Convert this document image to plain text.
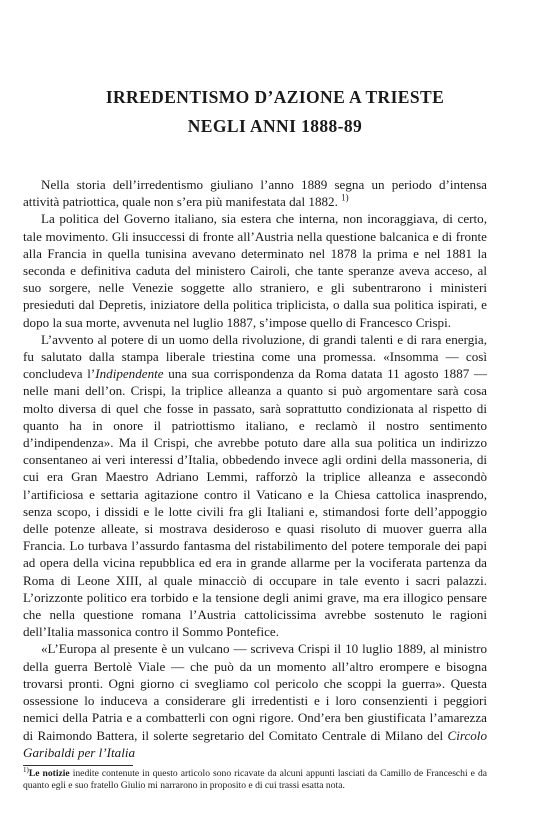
IRREDENTISMO D’AZIONE A TRIESTE
NEGLI ANNI 1888-89

Nella storia dell’irredentismo giuliano l’anno 1889 segna un periodo d’intensa attività patriottica, quale non s’era più manifestata dal 1882. $^{1)}$

La politica del Governo italiano, sia estera che interna, non incoraggiava, di certo, tale movimento. Gli insuccessi di fronte all’Austria nella questione balcanica e di fronte alla Francia in quella tunisina avevano determinato nel 1878 la prima e nel 1881 la seconda e definitiva caduta del ministero Cairoli, che tante speranze aveva acceso, al suo sorgere, nelle Venezie soggette allo straniero, e gli subentrarono i ministeri presieduti dal Depretis, iniziatore della politica triplicista, o dalla sua politica ispirati, e dopo la sua morte, avvenuta nel luglio 1887, s’impose quello di Francesco Crispi.

L’avvento al potere di un uomo della rivoluzione, di grandi talenti e di rara energia, fu salutato dalla stampa liberale triestina come una promessa. «Insomma — così concludeva l’Indipendente una sua corrispondenza da Roma datata 11 agosto 1887 — nelle mani dell’on. Crispi, la triplice alleanza a quanto si può argomentare sarà cosa molto diversa di quel che fosse in passato, sarà soprattutto condizionata al rispetto di quanto ha in onore il patriottismo italiano, e reclamò il nostro sentimento d’indipendenza». Ma il Crispi, che avrebbe potuto dare alla sua politica un indirizzo consentaneo ai veri interessi d’Italia, obbedendo invece agli ordini della massoneria, di cui era Gran Maestro Adriano Lemmi, rafforzò la triplice alleanza e assecondò l’artificiosa e settaria agitazione contro il Vaticano e la Chiesa cattolica inasprendo, senza scopo, i dissidi e le lotte civili fra gli Italiani e, stimandosi forte dell’appoggio delle potenze alleate, si mostrava desideroso e quasi risoluto di muover guerra alla Francia. Lo turbava l’assurdo fantasma del ristabilimento del potere temporale dei papi ad opera della vicina repubblica ed era in grande allarme per la vociferata partenza da Roma di Leone XIII, al quale minacciò di occupare in tale evento i sacri palazzi. L’orizzonte politico era torbido e la tensione degli animi grave, ma era illogico pensare che nella questione romana l’Austria cattolicissima avrebbe sostenuto le ragioni dell’Italia massonica contro il Sommo Pontefice.

«L’Europa al presente è un vulcano — scriveva Crispi il 10 luglio 1889, al ministro della guerra Bertolè Viale — che può da un momento all’altro erompere e bisogna trovarsi pronti. Ogni giorno ci svegliamo col pericolo che scoppi la guerra». Questa ossessione lo induceva a considerare gli irredentisti e i loro consenzienti i peggiori nemici della Patria e a combatterli con ogni rigore. Ond’era ben giustificata l’amarezza di Raimondo Battera, il solerte segretario del Comitato Centrale di Milano del Circolo Garibaldi per l’Italia

$^{1)}$Le notizie inedite contenute in questo articolo sono ricavate da alcuni appunti lasciati da Camillo de Franceschi e da quanto egli e suo fratello Giulio mi narrarono in proposito e di cui trassi esatta nota.
